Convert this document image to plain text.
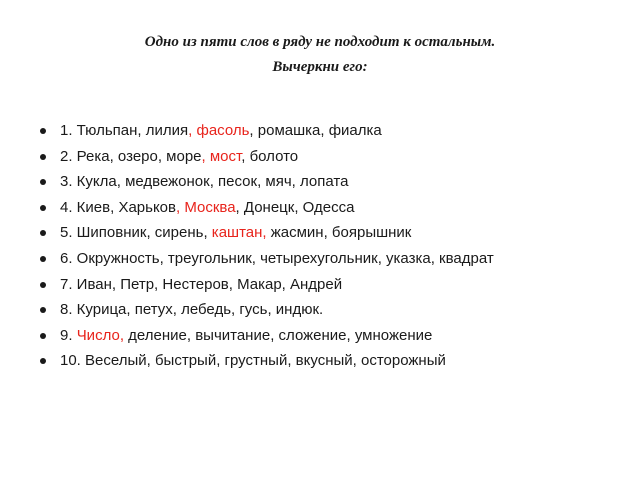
Одно из пяти слов в ряду не подходит к остальным.
Вычеркни его:
1. Тюльпан, лилия, фасоль, ромашка, фиалка
2. Река, озеро, море, мост, болото
3. Кукла, медвежонок, песок, мяч, лопата
4. Киев, Харьков, Москва, Донецк, Одесса
5. Шиповник, сирень, каштан, жасмин, боярышник
6. Окружность, треугольник, четырехугольник, указка, квадрат
7. Иван, Петр, Нестеров, Макар, Андрей
8. Курица, петух, лебедь, гусь, индюк.
9. Число, деление, вычитание, сложение, умножение
10. Веселый, быстрый, грустный, вкусный, осторожный
